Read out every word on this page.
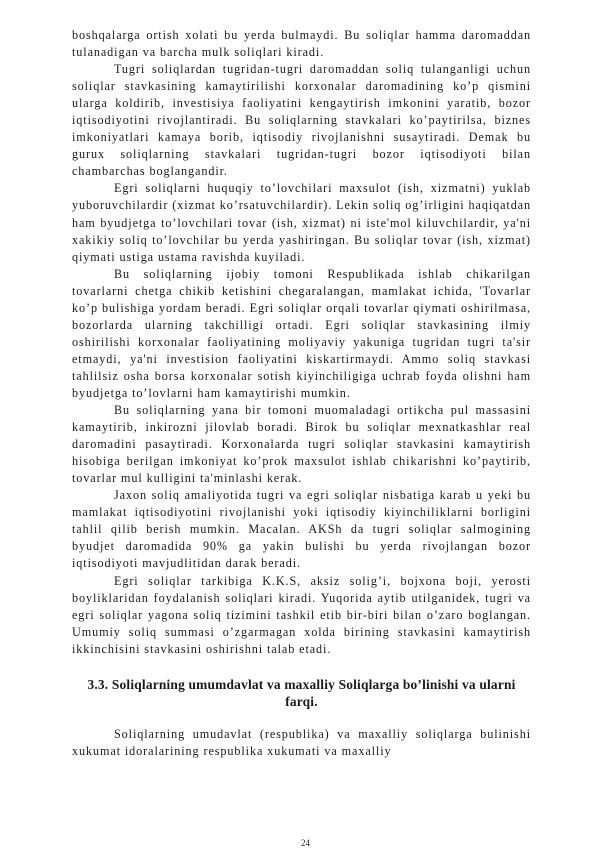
boshqalarga ortish xolati bu yerda bulmaydi. Bu soliqlar hamma daromaddan tulanadigan va barcha mulk soliqlari kiradi.

Tugri soliqlardan tugridan-tugri daromaddan soliq tulanganligi uchun soliqlar stavkasining kamaytirilishi korxonalar daromadining ko’p qismini ularga koldirib, investisiya faoliyatini kengaytirish imkonini yaratib, bozor iqtisodiyotini rivojlantiradi. Bu soliqlarning stavkalari ko’paytirilsa, biznes imkoniyatlari kamaya borib, iqtisodiy rivojlanishni susaytiradi. Demak bu gurux soliqlarning stavkalari tugridan-tugri bozor iqtisodiyoti bilan chambarchas boglangandir.

Egri soliqlarni huquqiy to’lovchilari maxsulot (ish, xizmatni) yuklab yuboruvchilardir (xizmat ko’rsatuvchilardir). Lekin soliq og’irligini haqiqatdan ham byudjetga to’lovchilari tovar (ish, xizmat) ni iste'mol kiluvchilardir, ya'ni xakikiy soliq to’lovchilar bu yerda yashiringan. Bu soliqlar tovar (ish, xizmat) qiymati ustiga ustama ravishda kuyiladi.

Bu soliqlarning ijobiy tomoni Respublikada ishlab chikarilgan tovarlarni chetga chikib ketishini chegaralangan, mamlakat ichida, 'Tovarlar ko’p bulishiga yordam beradi. Egri soliqlar orqali tovarlar qiymati oshirilmasa, bozorlarda ularning takchilligi ortadi. Egri soliqlar stavkasining ilmiy oshirilishi korxonalar faoliyatining moliyaviy yakuniga tugridan tugri ta'sir etmaydi, ya'ni investision faoliyatini kiskartirmaydi. Ammo soliq stavkasi tahlilsiz osha borsa korxonalar sotish kiyinchiligiga uchrab foyda olishni ham byudjetga to’lovlarni ham kamaytirishi mumkin.

Bu soliqlarning yana bir tomoni muomaladagi ortikcha pul massasini kamaytirib, inkirozni jilovlab boradi. Birok bu soliqlar mexnatkashlar real daromadini pasaytiradi. Korxonalarda tugri soliqlar stavkasini kamaytirish hisobiga berilgan imkoniyat ko’prok maxsulot ishlab chikarishni ko’paytirib, tovarlar mul kulligini ta'minlashi kerak.

Jaxon soliq amaliyotida tugri va egri soliqlar nisbatiga karab u yeki bu mamlakat iqtisodiyotini rivojlanishi yoki iqtisodiy kiyinchiliklarni borligini tahlil qilib berish mumkin. Macalan. AKSh da tugri soliqlar salmogining byudjet daromadida 90% ga yakin bulishi bu yerda rivojlangan bozor iqtisodiyoti mavjudlitidan darak beradi.

Egri soliqlar tarkibiga K.K.S, aksiz solig’i, bojxona boji, yerosti boyliklaridan foydalanish soliqlari kiradi. Yuqorida aytib utilganidek, tugri va egri soliqlar yagona soliq tizimini tashkil etib bir-biri bilan o’zaro boglangan. Umumiy soliq summasi o’zgarmagan xolda birining stavkasini kamaytirish ikkinchisini stavkasini oshirishni talab etadi.

3.3. Soliqlarning umumdavlat va maxalliy Soliqlarga bo’linishi va ularni farqi.

Soliqlarning umudavlat (respublika) va maxalliy soliqlarga bulinishi xukumat idoralarining respublika xukumati va maxalliy

24
